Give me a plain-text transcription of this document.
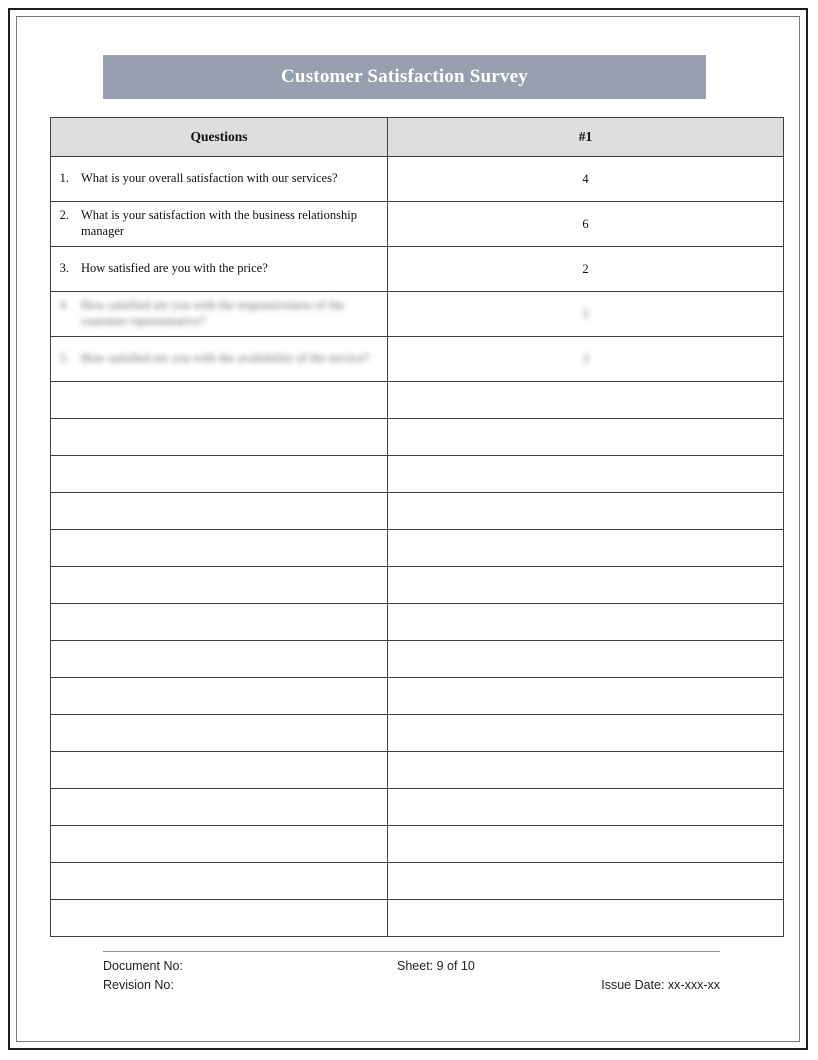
Customer Satisfaction Survey
Questions	#1

1. What is your overall satisfaction with our services?	4

2. What is your satisfaction with the business relationship manager	6

3. How satisfied are you with the price?	2

4. How satisfied are you with the responsiveness of the customer representative?	5

5. How satisfied are you with the availability of the service?	3

Document No:	Sheet: 9 of 10
Revision No:	Issue Date: xx-xxx-xx
